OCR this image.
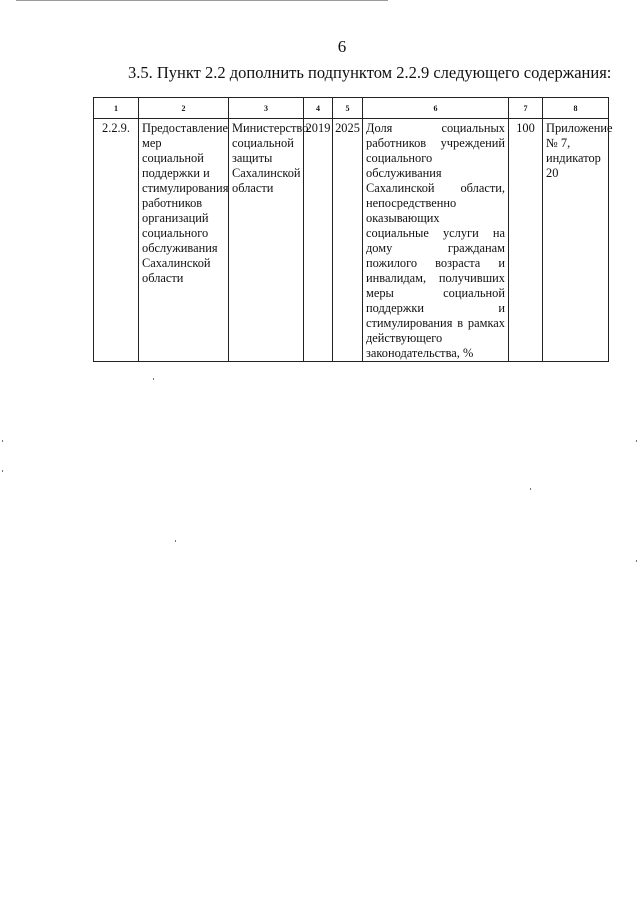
6
3.5. Пункт 2.2 дополнить подпунктом 2.2.9 следующего содержания:
1	2	3	4	5	6	7	8
2.2.9.	Предоставление мер социальной поддержки и стимулирования работников организаций социального обслуживания Сахалинской области	Министерство социальной защиты Сахалинской области	2019	2025	Доля социальных работников учреждений социального обслуживания Сахалинской области, непосредственно оказывающих социальные услуги на дому гражданам пожилого возраста и инвалидам, получивших меры социальной поддержки и стимулирования в рамках действующего законодательства, %	100	Приложение № 7, индикатор 20
